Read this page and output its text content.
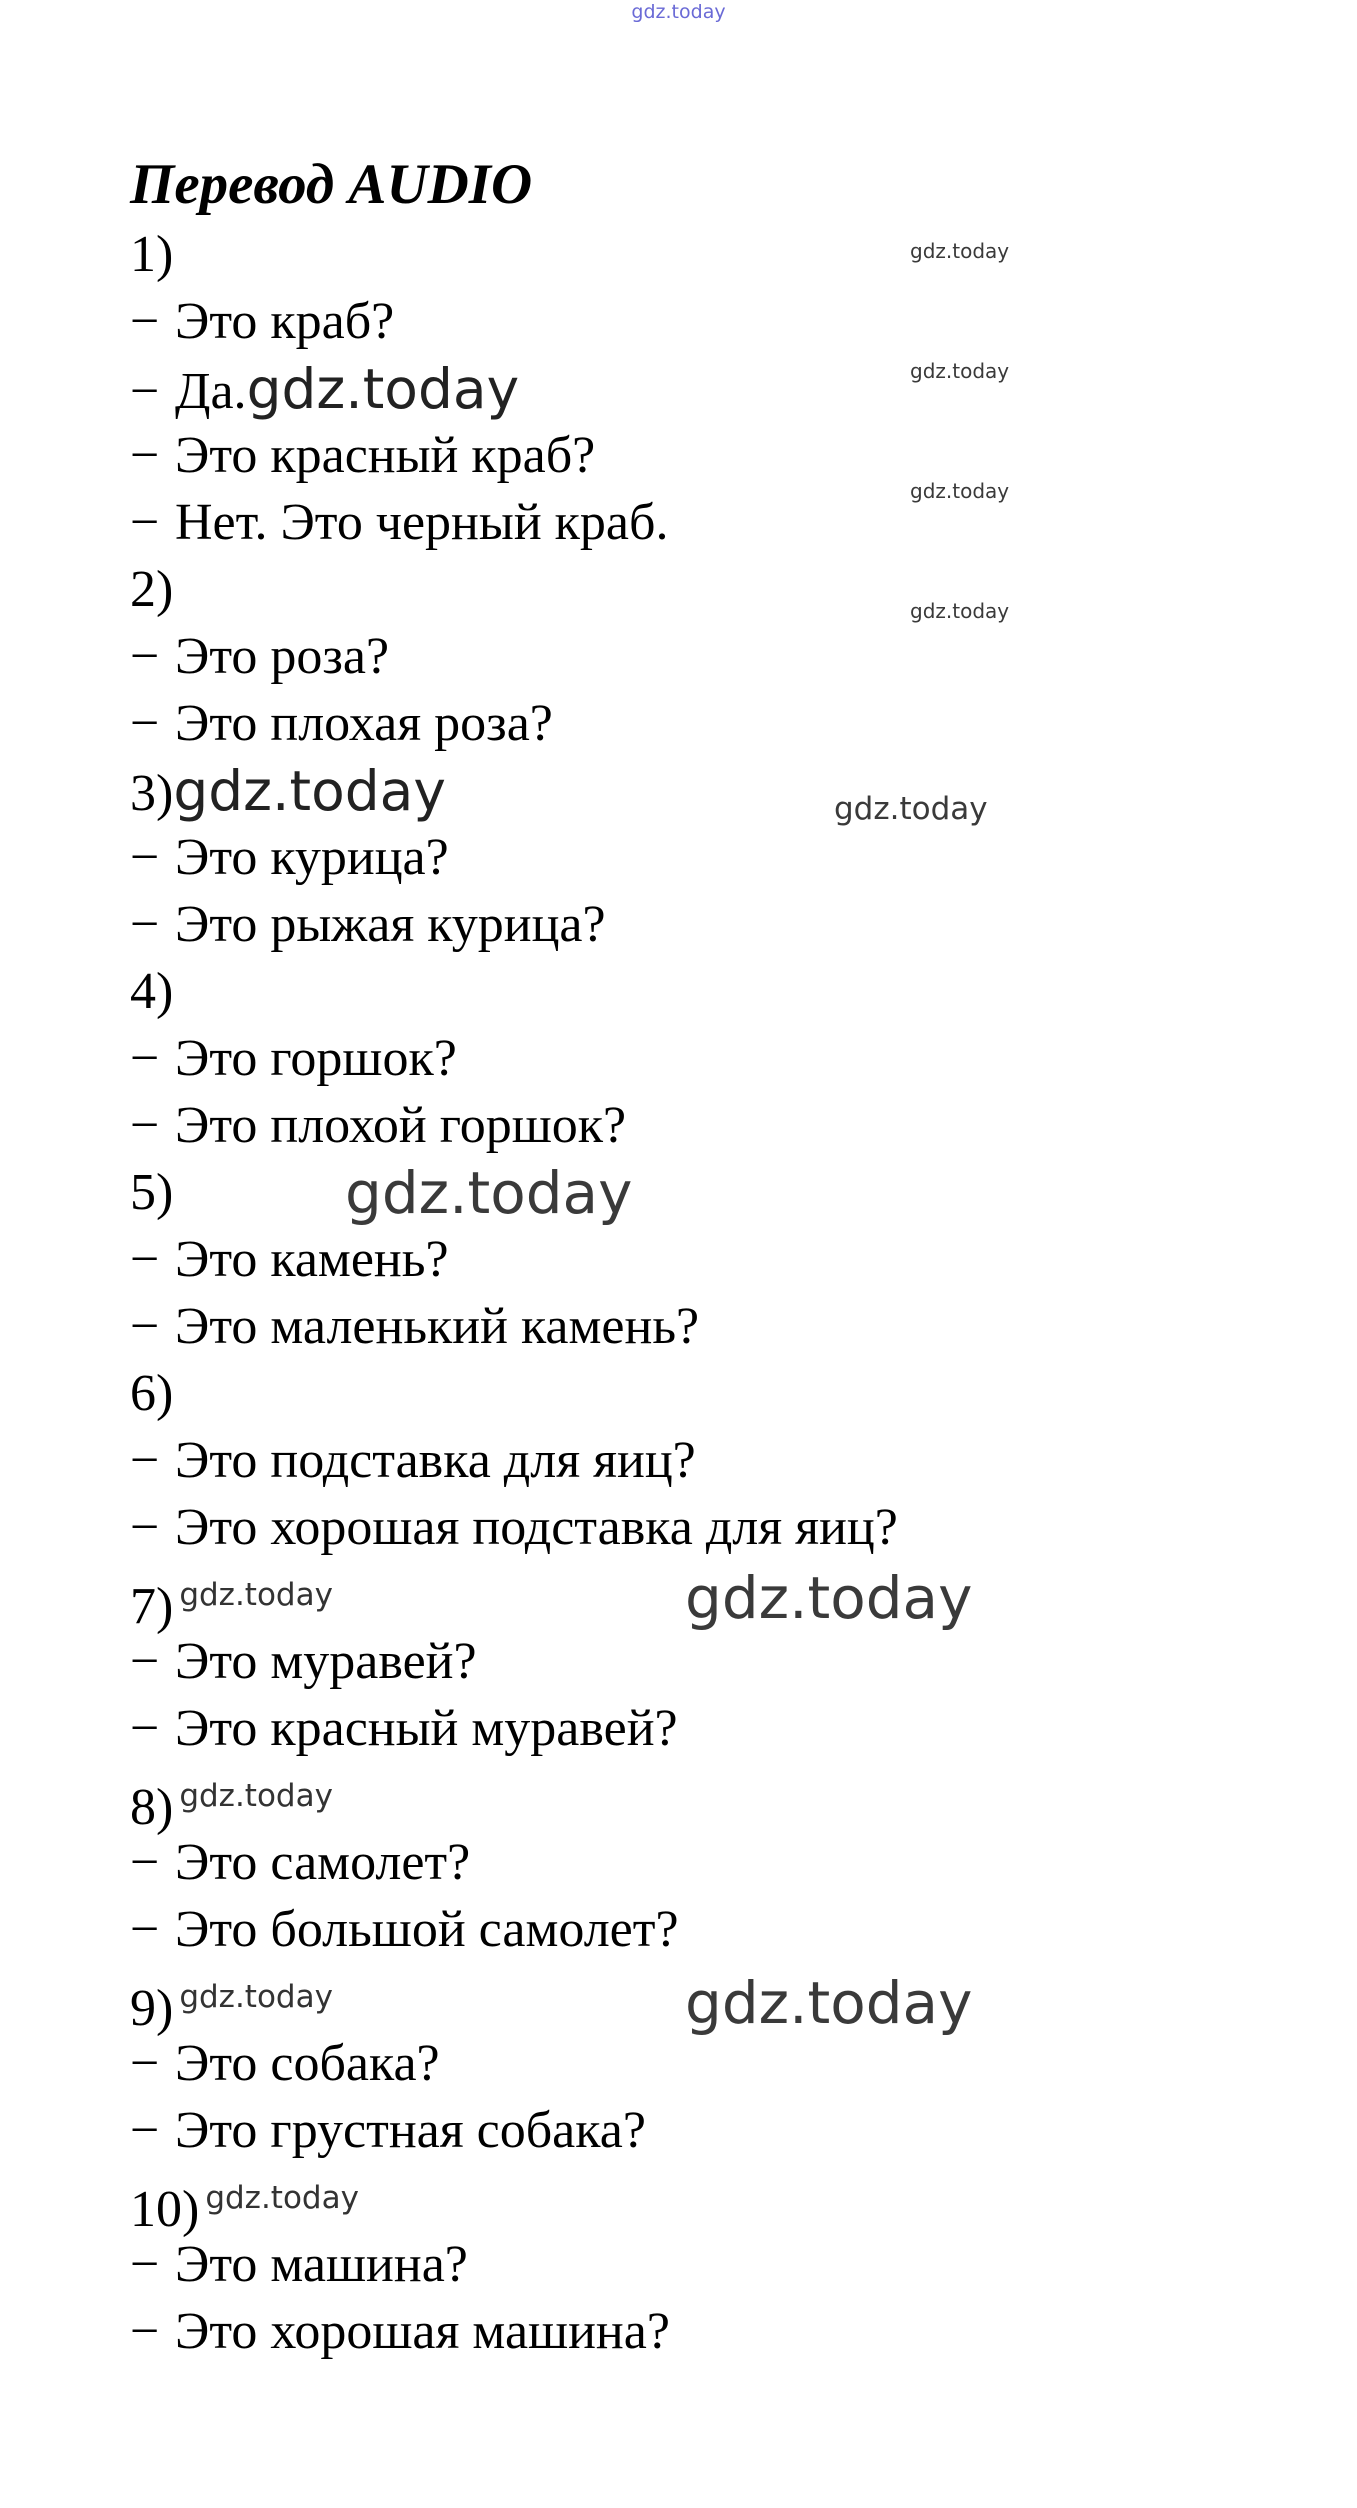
gdz.today
Перевод AUDIO
1)
− Это краб?
− Да.gdz.today
− Это красный краб?
− Нет. Это черный краб.
2)
− Это роза?
− Это плохая роза?
3)gdz.today
− Это курица?
− Это рыжая курица?
4)
− Это горшок?
− Это плохой горшок?
5)
− Это камень?
− Это маленький камень?
6)
− Это подставка для яиц?
− Это хорошая подставка для яиц?
7) $^{gdz.today}$
− Это муравей?
− Это красный муравей?
8) $^{gdz.today}$
− Это самолет?
− Это большой самолет?
9) $^{gdz.today}$
− Это собака?
− Это грустная собака?
10) $^{gdz.today}$
− Это машина?
− Это хорошая машина?
gdz.today
gdz.today
gdz.today
gdz.today
gdz.today
gdz.today
gdz.today
gdz.today
